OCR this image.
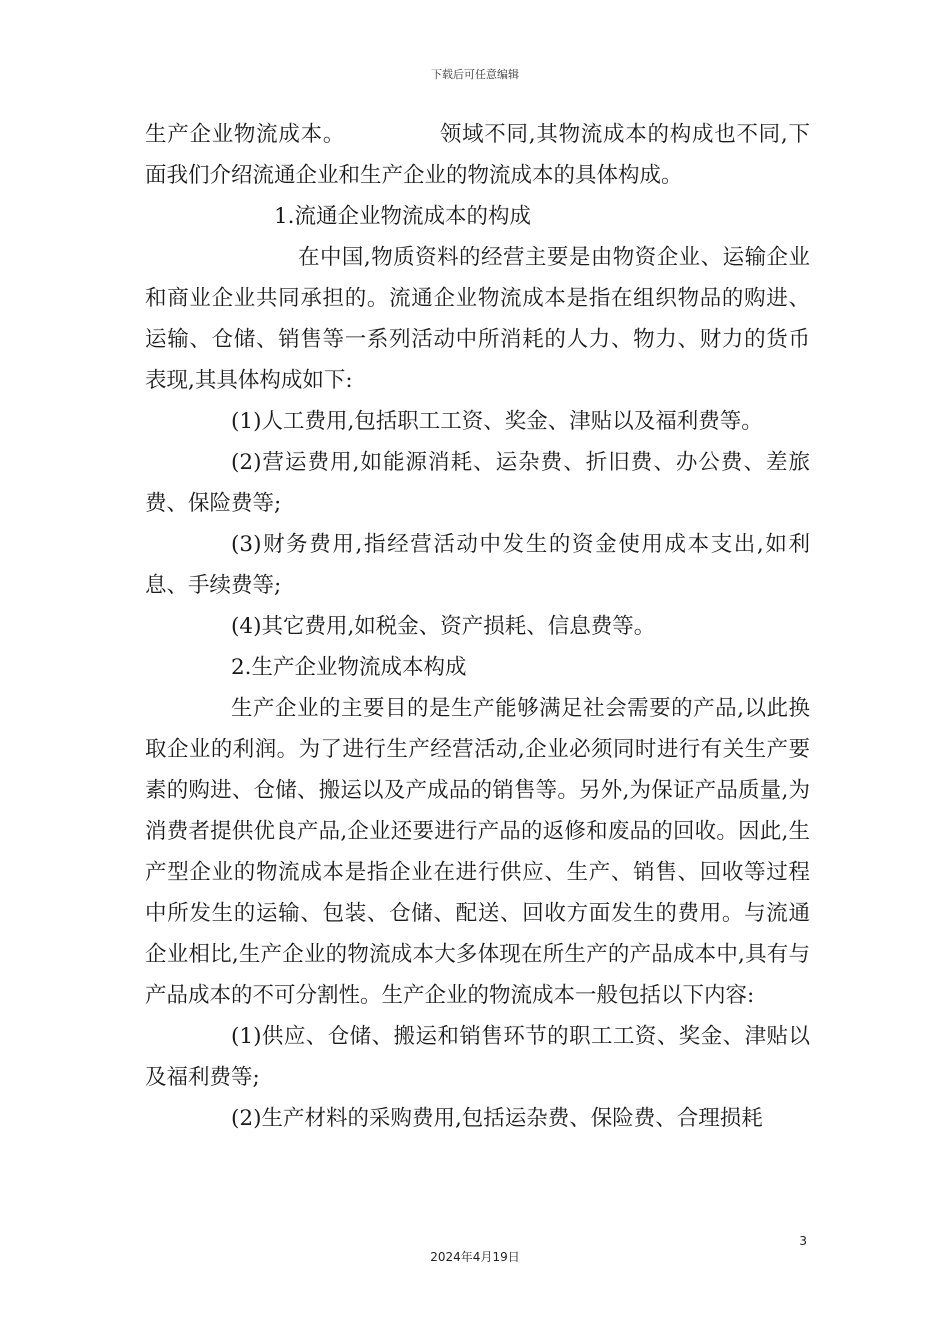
下载后可任意编辑

生产企业物流成本。	领域不同,其物流成本的构成也不同,下面我们介绍流通企业和生产企业的物流成本的具体构成。

1.流通企业物流成本的构成

在中国,物质资料的经营主要是由物资企业、运输企业和商业企业共同承担的。流通企业物流成本是指在组织物品的购进、运输、仓储、销售等一系列活动中所消耗的人力、物力、财力的货币表现,其具体构成如下:

(1)人工费用,包括职工工资、奖金、津贴以及福利费等。

(2)营运费用,如能源消耗、运杂费、折旧费、办公费、差旅费、保险费等;

(3)财务费用,指经营活动中发生的资金使用成本支出,如利息、手续费等;

(4)其它费用,如税金、资产损耗、信息费等。

2.生产企业物流成本构成

生产企业的主要目的是生产能够满足社会需要的产品,以此换取企业的利润。为了进行生产经营活动,企业必须同时进行有关生产要素的购进、仓储、搬运以及产成品的销售等。另外,为保证产品质量,为消费者提供优良产品,企业还要进行产品的返修和废品的回收。因此,生产型企业的物流成本是指企业在进行供应、生产、销售、回收等过程中所发生的运输、包装、仓储、配送、回收方面发生的费用。与流通企业相比,生产企业的物流成本大多体现在所生产的产品成本中,具有与产品成本的不可分割性。生产企业的物流成本一般包括以下内容:

(1)供应、仓储、搬运和销售环节的职工工资、奖金、津贴以及福利费等;

(2)生产材料的采购费用,包括运杂费、保险费、合理损耗

3
2024年4月19日
